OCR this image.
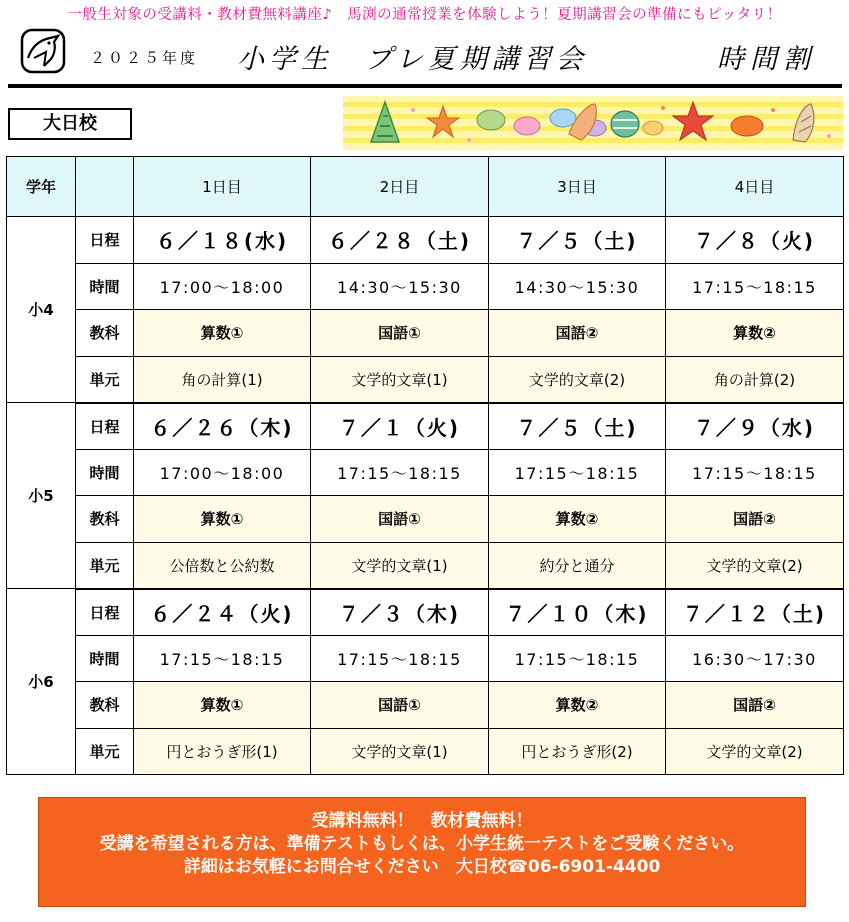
一般生対象の受講料・教材費無料講座♪　馬渕の通常授業を体験しよう！夏期講習会の準備にもピッタリ！
２０２５年度 小学生　プレ夏期講習会	時間割
大日校
学年		1日目	2日目	3日目	4日目
小4	日程	６／１８(水)	６／２８（土)	７／５（土)	７／８（火)
	時間	17:00～18:00	14:30～15:30	14:30～15:30	17:15～18:15
	教科	算数①	国語①	国語②	算数②
	単元	角の計算(1)	文学的文章(1)	文学的文章(2)	角の計算(2)
小5	日程	６／２６（木)	７／１（火)	７／５（土)	７／９（水)
	時間	17:00～18:00	17:15～18:15	17:15～18:15	17:15～18:15
	教科	算数①	国語①	算数②	国語②
	単元	公倍数と公約数	文学的文章(1)	約分と通分	文学的文章(2)
小6	日程	６／２４（火)	７／３（木)	７／１０（木)	７／１２（土)
	時間	17:15～18:15	17:15～18:15	17:15～18:15	16:30～17:30
	教科	算数①	国語①	算数②	国語②
	単元	円とおうぎ形(1)	文学的文章(1)	円とおうぎ形(2)	文学的文章(2)
受講料無料！　教材費無料！
受講を希望される方は、準備テストもしくは、小学生統一テストをご受験ください。
詳細はお気軽にお問合せください　大日校☎06-6901-4400
